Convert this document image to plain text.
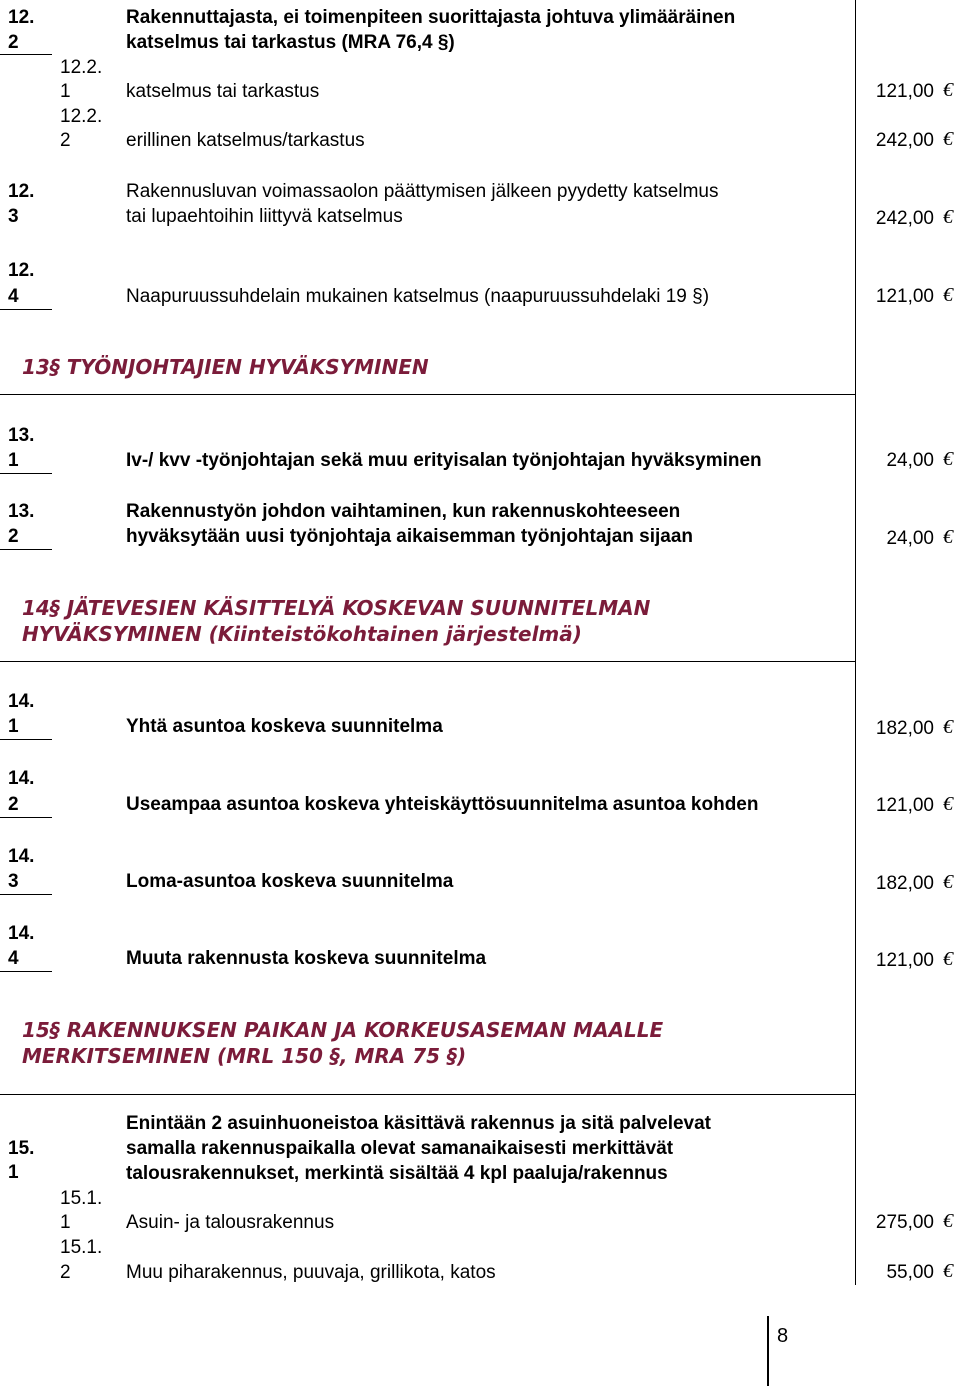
12.
2
Rakennuttajasta, ei toimenpiteen suorittajasta johtuva ylimääräinen
katselmus tai tarkastus (MRA 76,4 §)
12.2.
1	katselmus tai tarkastus	121,00 €
12.2.
2	erillinen katselmus/tarkastus	242,00 €
12.
3
Rakennusluvan voimassaolon päättymisen jälkeen pyydetty katselmus
tai lupaehtoihin liittyvä katselmus	242,00 €
12.
4	Naapuruussuhdelain mukainen katselmus (naapuruussuhdelaki 19 §)	121,00 €
13§ TYÖNJOHTAJIEN HYVÄKSYMINEN
13.
1	Iv-/ kvv -työnjohtajan sekä muu erityisalan työnjohtajan hyväksyminen	24,00 €
13.
2
Rakennustyön johdon vaihtaminen, kun rakennuskohteeseen
hyväksytään uusi työnjohtaja aikaisemman työnjohtajan sijaan	24,00 €
14§ JÄTEVESIEN KÄSITTELYÄ KOSKEVAN SUUNNITELMAN
HYVÄKSYMINEN (Kiinteistökohtainen järjestelmä)
14.
1	Yhtä asuntoa koskeva suunnitelma	182,00 €
14.
2	Useampaa asuntoa koskeva yhteiskäyttösuunnitelma asuntoa kohden	121,00 €
14.
3	Loma-asuntoa koskeva suunnitelma	182,00 €
14.
4	Muuta rakennusta koskeva suunnitelma	121,00 €
15§ RAKENNUKSEN PAIKAN JA KORKEUSASEMAN MAALLE
MERKITSEMINEN (MRL 150 §, MRA 75 §)
15.
1
Enintään 2 asuinhuoneistoa käsittävä rakennus ja sitä palvelevat
samalla rakennuspaikalla olevat samanaikaisesti merkittävät
talousrakennukset, merkintä sisältää 4 kpl paaluja/rakennus
15.1.
1	Asuin- ja talousrakennus	275,00 €
15.1.
2	Muu piharakennus, puuvaja, grillikota, katos	55,00 €
8
